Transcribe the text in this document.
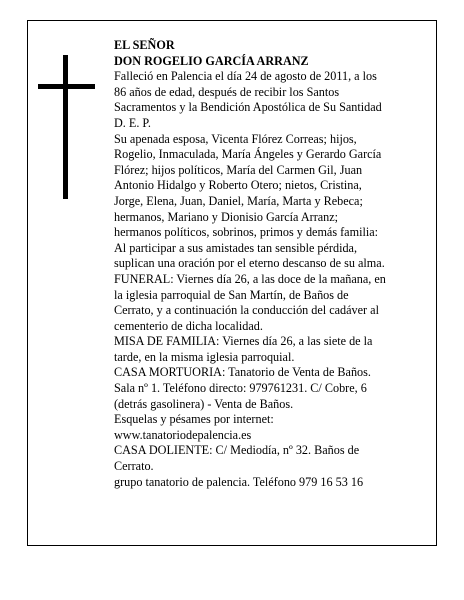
EL SEÑOR
DON ROGELIO GARCÍA ARRANZ
Falleció en Palencia el día 24 de agosto de 2011, a los
86 años de edad, después de recibir los Santos
Sacramentos y la Bendición Apostólica de Su Santidad
D. E. P.
Su apenada esposa, Vicenta Flórez Correas; hijos,
Rogelio, Inmaculada, María Ángeles y Gerardo García
Flórez; hijos políticos, María del Carmen Gil, Juan
Antonio Hidalgo y Roberto Otero; nietos, Cristina,
Jorge, Elena, Juan, Daniel, María, Marta y Rebeca;
hermanos, Mariano y Dionisio García Arranz;
hermanos políticos, sobrinos, primos y demás familia:
Al participar a sus amistades tan sensible pérdida,
suplican una oración por el eterno descanso de su alma.
FUNERAL: Viernes día 26, a las doce de la mañana, en
la iglesia parroquial de San Martín, de Baños de
Cerrato, y a continuación la conducción del cadáver al
cementerio de dicha localidad.
MISA DE FAMILIA: Viernes día 26, a las siete de la
tarde, en la misma iglesia parroquial.
CASA MORTUORIA: Tanatorio de Venta de Baños.
Sala nº 1. Teléfono directo: 979761231. C/ Cobre, 6
(detrás gasolinera) - Venta de Baños.
Esquelas y pésames por internet:
www.tanatoriodepalencia.es
CASA DOLIENTE: C/ Mediodía, nº 32. Baños de
Cerrato.
grupo tanatorio de palencia. Teléfono 979 16 53 16
